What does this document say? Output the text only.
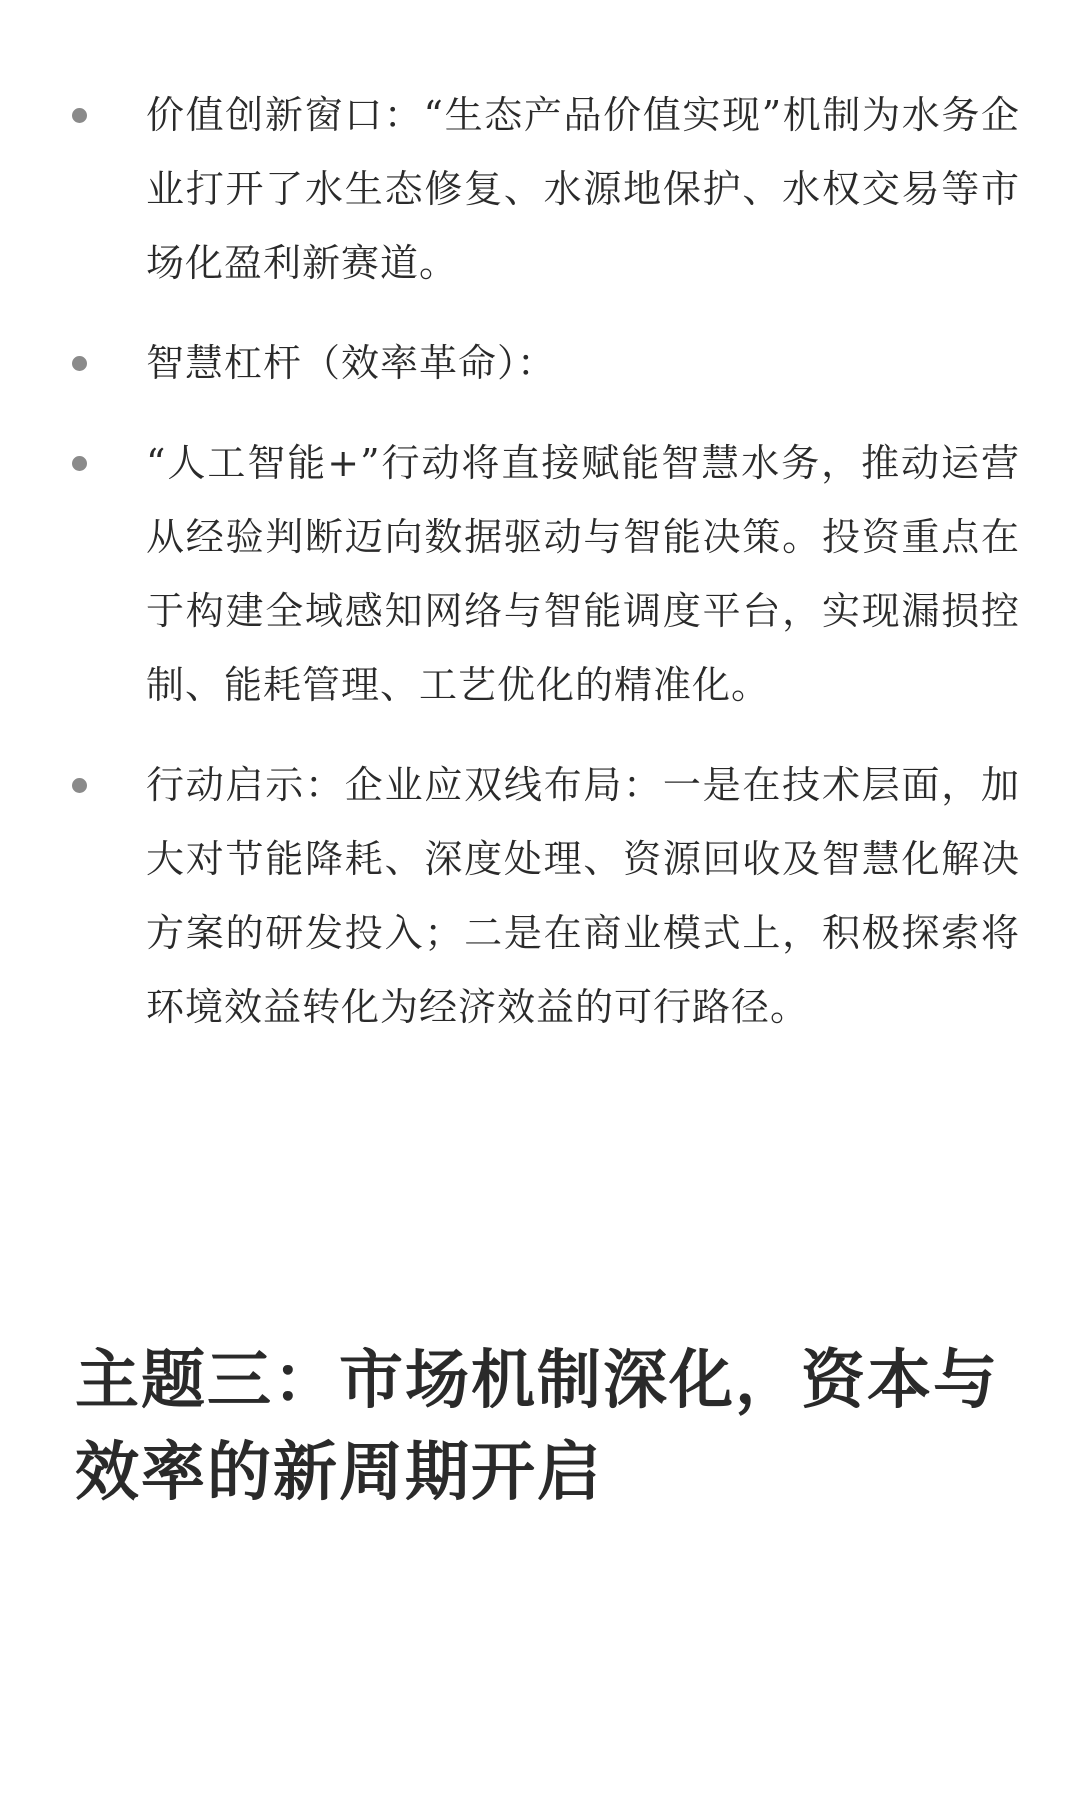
价值创新窗口：“生态产品价值实现”机制为水务企业打开了水生态修复、水源地保护、水权交易等市场化盈利新赛道。
智慧杠杆（效率革命）：
“人工智能+”行动将直接赋能智慧水务，推动运营从经验判断迈向数据驱动与智能决策。投资重点在于构建全域感知网络与智能调度平台，实现漏损控制、能耗管理、工艺优化的精准化。
行动启示：企业应双线布局：一是在技术层面，加大对节能降耗、深度处理、资源回收及智慧化解决方案的研发投入；二是在商业模式上，积极探索将环境效益转化为经济效益的可行路径。
主题三：市场机制深化，资本与效率的新周期开启
